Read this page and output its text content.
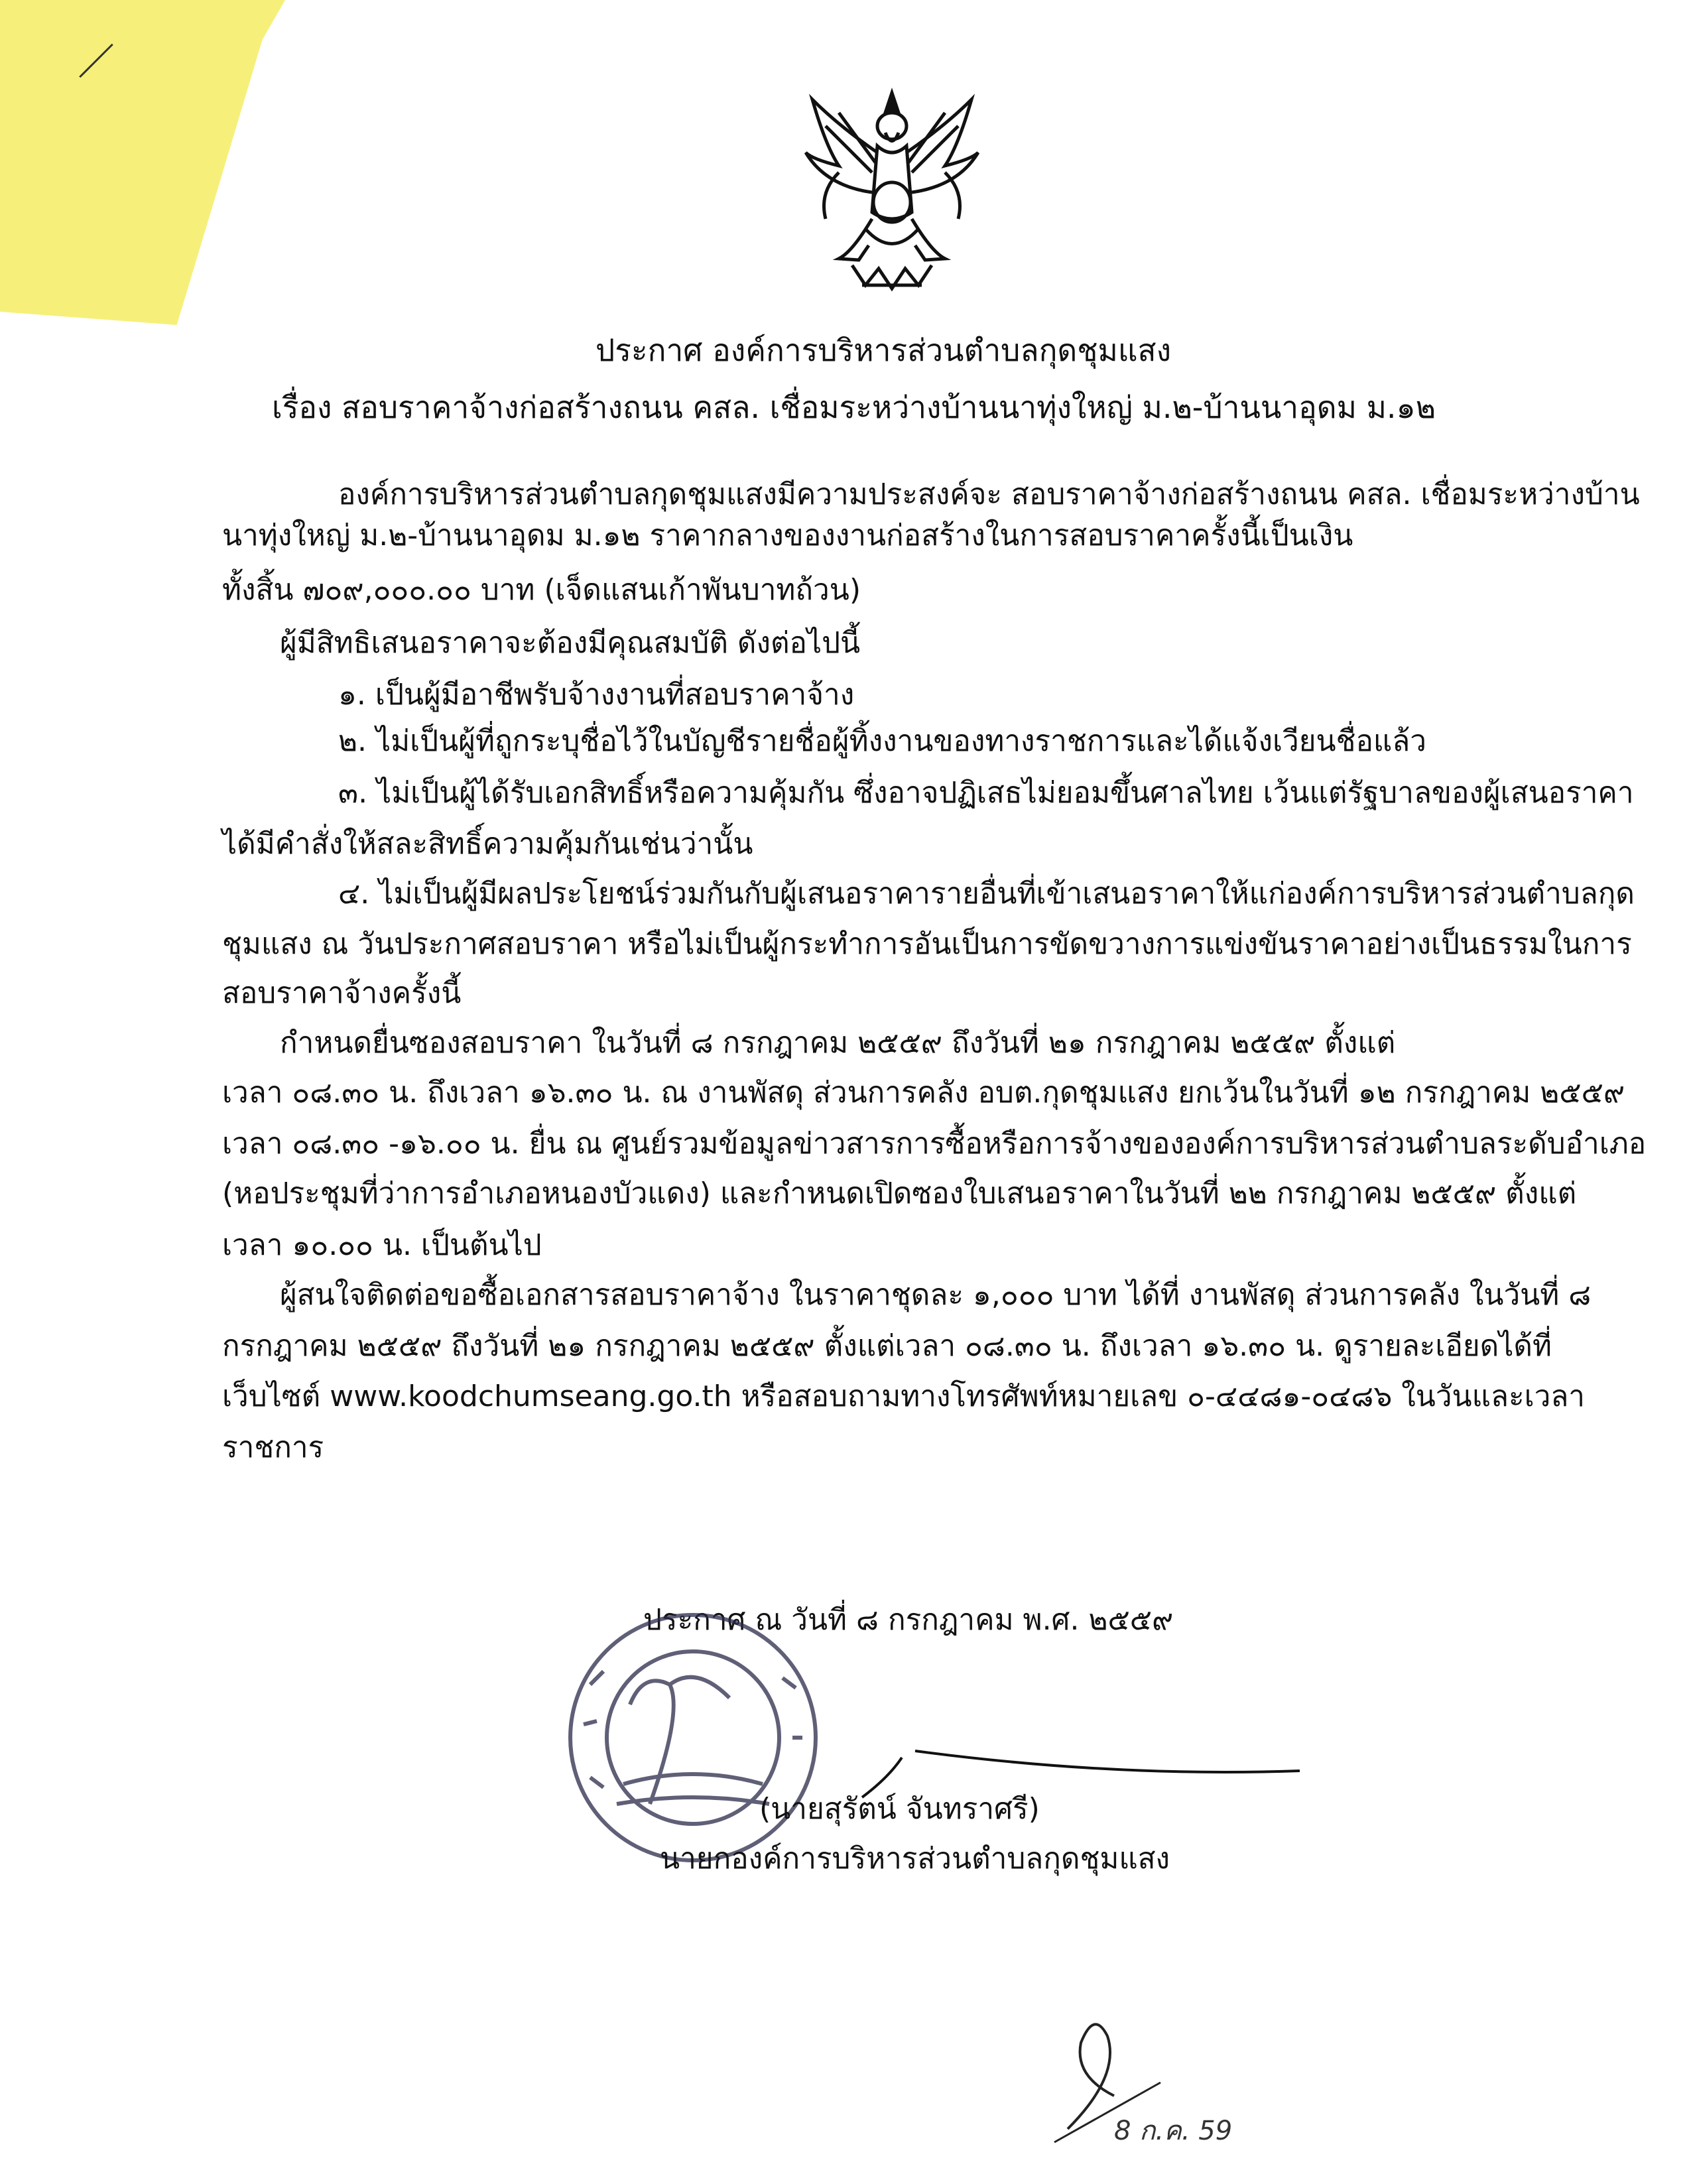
ประกาศ องค์การบริหารส่วนตำบลกุดชุมแสง

เรื่อง สอบราคาจ้างก่อสร้างถนน คสล. เชื่อมระหว่างบ้านนาทุ่งใหญ่ ม.๒-บ้านนาอุดม ม.๑๒

องค์การบริหารส่วนตำบลกุดชุมแสงมีความประสงค์จะ สอบราคาจ้างก่อสร้างถนน คสล. เชื่อมระหว่างบ้าน

นาทุ่งใหญ่ ม.๒-บ้านนาอุดม ม.๑๒ ราคากลางของงานก่อสร้างในการสอบราคาครั้งนี้เป็นเงิน

ทั้งสิ้น ๗๐๙,๐๐๐.๐๐ บาท (เจ็ดแสนเก้าพันบาทถ้วน)

ผู้มีสิทธิเสนอราคาจะต้องมีคุณสมบัติ ดังต่อไปนี้

๑. เป็นผู้มีอาชีพรับจ้างงานที่สอบราคาจ้าง

๒. ไม่เป็นผู้ที่ถูกระบุชื่อไว้ในบัญชีรายชื่อผู้ทิ้งงานของทางราชการและได้แจ้งเวียนชื่อแล้ว

๓. ไม่เป็นผู้ได้รับเอกสิทธิ์หรือความคุ้มกัน ซึ่งอาจปฏิเสธไม่ยอมขึ้นศาลไทย เว้นแต่รัฐบาลของผู้เสนอราคา

ได้มีคำสั่งให้สละสิทธิ์ความคุ้มกันเช่นว่านั้น

๔. ไม่เป็นผู้มีผลประโยชน์ร่วมกันกับผู้เสนอราคารายอื่นที่เข้าเสนอราคาให้แก่องค์การบริหารส่วนตำบลกุด

ชุมแสง ณ วันประกาศสอบราคา หรือไม่เป็นผู้กระทำการอันเป็นการขัดขวางการแข่งขันราคาอย่างเป็นธรรมในการ

สอบราคาจ้างครั้งนี้

กำหนดยื่นซองสอบราคา ในวันที่ ๘ กรกฎาคม ๒๕๕๙ ถึงวันที่ ๒๑ กรกฎาคม ๒๕๕๙ ตั้งแต่

เวลา ๐๘.๓๐ น. ถึงเวลา ๑๖.๓๐ น. ณ งานพัสดุ ส่วนการคลัง อบต.กุดชุมแสง ยกเว้นในวันที่ ๑๒ กรกฎาคม ๒๕๕๙

เวลา ๐๘.๓๐ -๑๖.๐๐ น. ยื่น ณ ศูนย์รวมข้อมูลข่าวสารการซื้อหรือการจ้างขององค์การบริหารส่วนตำบลระดับอำเภอ

(หอประชุมที่ว่าการอำเภอหนองบัวแดง) และกำหนดเปิดซองใบเสนอราคาในวันที่ ๒๒ กรกฎาคม ๒๕๕๙ ตั้งแต่

เวลา ๑๐.๐๐ น. เป็นต้นไป

ผู้สนใจติดต่อขอซื้อเอกสารสอบราคาจ้าง ในราคาชุดละ ๑,๐๐๐ บาท ได้ที่ งานพัสดุ ส่วนการคลัง ในวันที่ ๘

กรกฎาคม ๒๕๕๙ ถึงวันที่ ๒๑ กรกฎาคม ๒๕๕๙ ตั้งแต่เวลา ๐๘.๓๐ น. ถึงเวลา ๑๖.๓๐ น. ดูรายละเอียดได้ที่

เว็บไซต์ www.koodchumseang.go.th หรือสอบถามทางโทรศัพท์หมายเลข ๐-๔๔๘๑-๐๔๘๖ ในวันและเวลา

ราชการ

ประกาศ ณ วันที่ ๘ กรกฎาคม พ.ศ. ๒๕๕๙

(นายสุรัตน์ จันทราศรี)

นายกองค์การบริหารส่วนตำบลกุดชุมแสง

8 ก.ค. 59
